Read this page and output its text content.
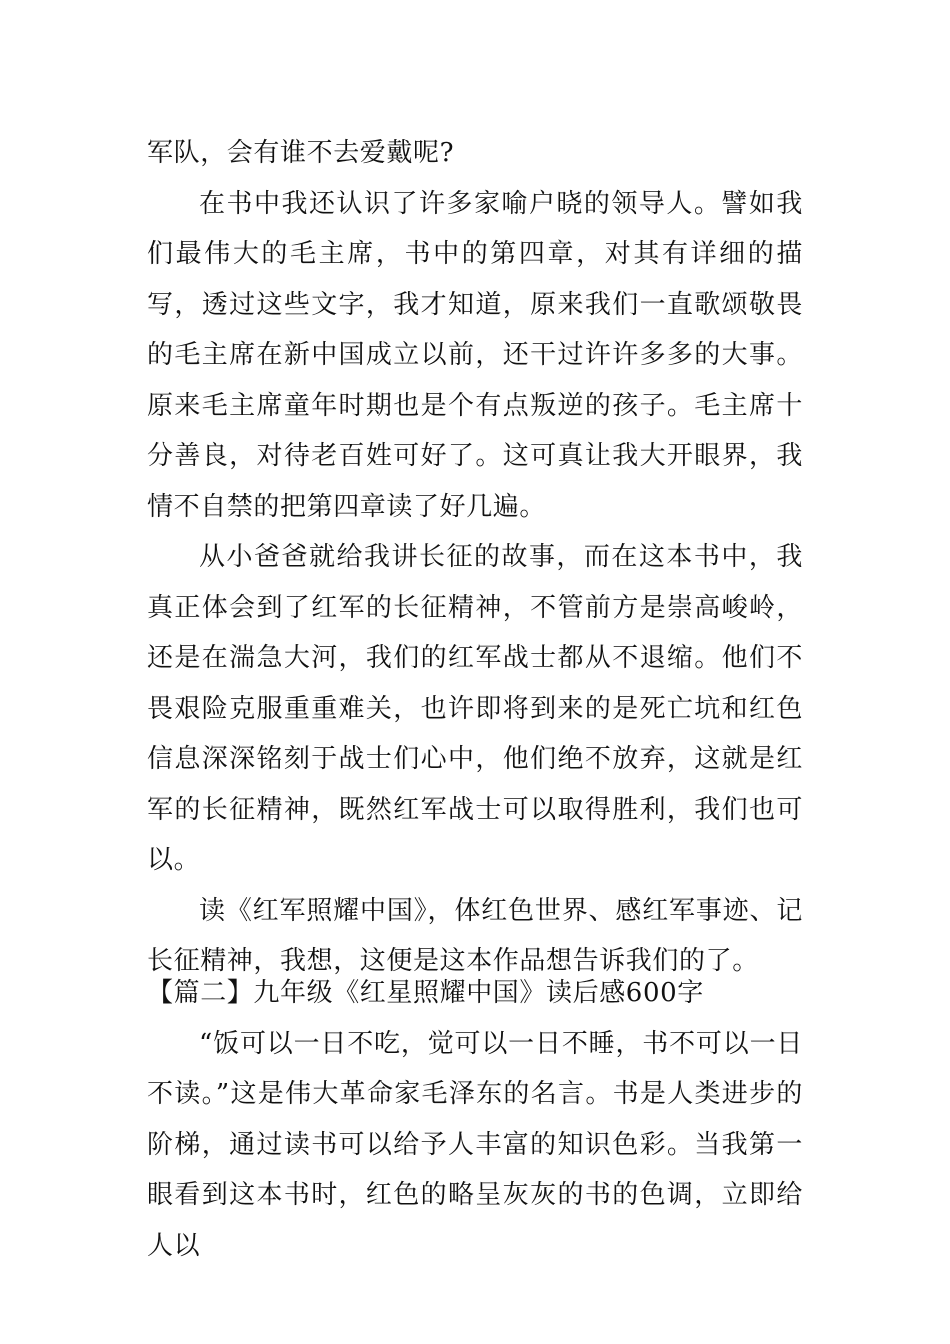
军队，会有谁不去爱戴呢?

在书中我还认识了许多家喻户晓的领导人。譬如我们最伟大的毛主席，书中的第四章，对其有详细的描写，透过这些文字，我才知道，原来我们一直歌颂敬畏的毛主席在新中国成立以前，还干过许许多多的大事。原来毛主席童年时期也是个有点叛逆的孩子。毛主席十分善良，对待老百姓可好了。这可真让我大开眼界，我情不自禁的把第四章读了好几遍。

从小爸爸就给我讲长征的故事，而在这本书中，我真正体会到了红军的长征精神，不管前方是崇高峻岭，还是在湍急大河，我们的红军战士都从不退缩。他们不畏艰险克服重重难关，也许即将到来的是死亡坑和红色信息深深铭刻于战士们心中，他们绝不放弃，这就是红军的长征精神，既然红军战士可以取得胜利，我们也可以。

读《红军照耀中国》，体红色世界、感红军事迹、记长征精神，我想，这便是这本作品想告诉我们的了。

【篇二】九年级《红星照耀中国》读后感600字

“饭可以一日不吃，觉可以一日不睡，书不可以一日不读。”这是伟大革命家毛泽东的名言。书是人类进步的阶梯，通过读书可以给予人丰富的知识色彩。当我第一眼看到这本书时，红色的略呈灰灰的书的色调，立即给人以
